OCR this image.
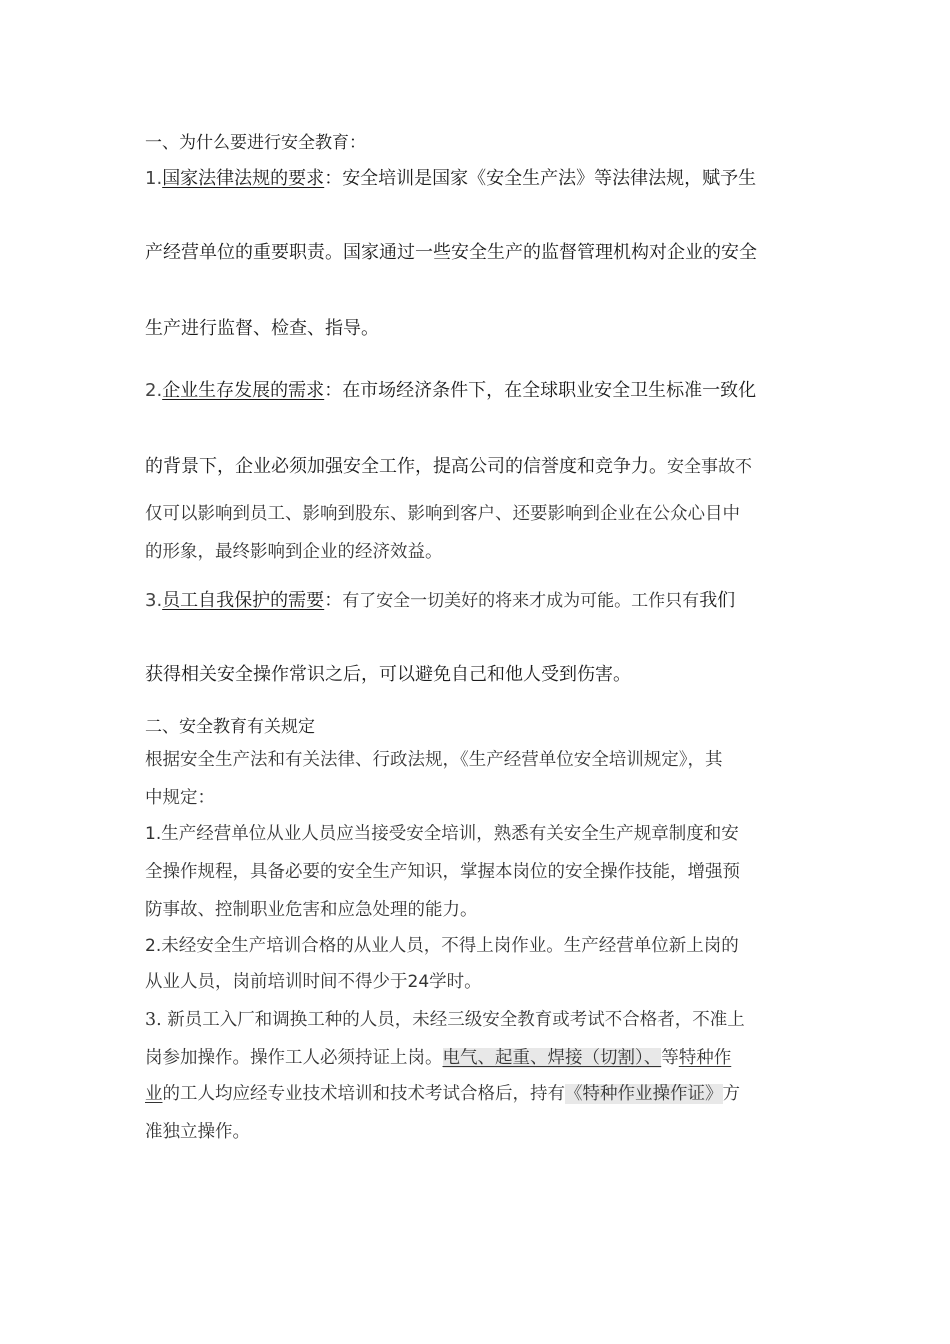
一、为什么要进行安全教育：
1.国家法律法规的要求：安全培训是国家《安全生产法》等法律法规，赋予生
产经营单位的重要职责。国家通过一些安全生产的监督管理机构对企业的安全
生产进行监督、检查、指导。
2.企业生存发展的需求：在市场经济条件下，在全球职业安全卫生标准一致化
的背景下，企业必须加强安全工作，提高公司的信誉度和竞争力。安全事故不
仅可以影响到员工、影响到股东、影响到客户、还要影响到企业在公众心目中
的形象，最终影响到企业的经济效益。
3.员工自我保护的需要：有了安全一切美好的将来才成为可能。工作只有我们
获得相关安全操作常识之后，可以避免自己和他人受到伤害。
二、安全教育有关规定
根据安全生产法和有关法律、行政法规，《生产经营单位安全培训规定》，其
中规定：
1.生产经营单位从业人员应当接受安全培训，熟悉有关安全生产规章制度和安
全操作规程，具备必要的安全生产知识，掌握本岗位的安全操作技能，增强预
防事故、控制职业危害和应急处理的能力。
2.未经安全生产培训合格的从业人员，不得上岗作业。生产经营单位新上岗的
从业人员，岗前培训时间不得少于24学时。
3. 新员工入厂和调换工种的人员，未经三级安全教育或考试不合格者，不准上
岗参加操作。操作工人必须持证上岗。电气、起重、焊接（切割）、等特种作
业的工人均应经专业技术培训和技术考试合格后，持有《特种作业操作证》方
准独立操作。
